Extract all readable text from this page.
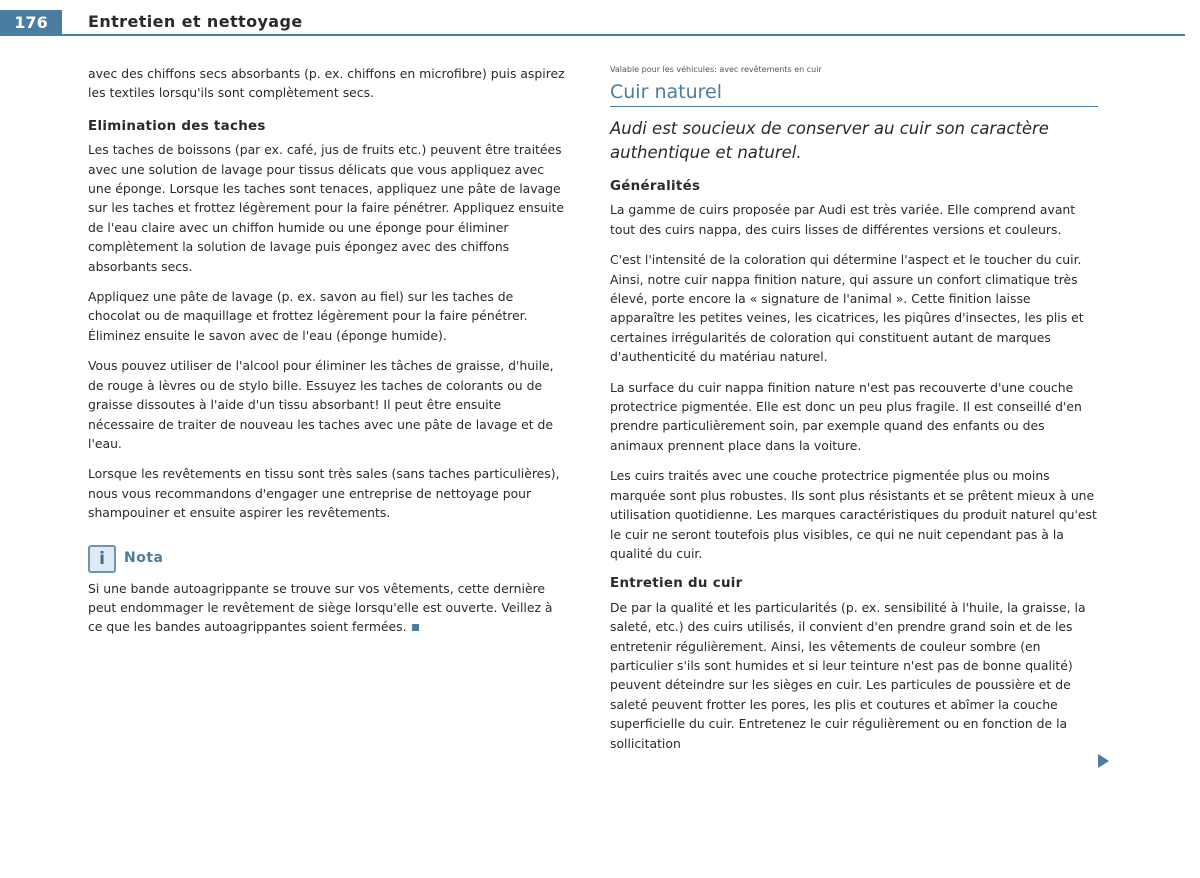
176	Entretien et nettoyage

avec des chiffons secs absorbants (p. ex. chiffons en microfibre) puis aspirez les textiles lorsqu'ils sont complètement secs.

Elimination des taches

Les taches de boissons (par ex. café, jus de fruits etc.) peuvent être traitées avec une solution de lavage pour tissus délicats que vous appliquez avec une éponge. Lorsque les taches sont tenaces, appliquez une pâte de lavage sur les taches et frottez légèrement pour la faire pénétrer. Appliquez ensuite de l'eau claire avec un chiffon humide ou une éponge pour éliminer complètement la solution de lavage puis épongez avec des chiffons absorbants secs.

Appliquez une pâte de lavage (p. ex. savon au fiel) sur les taches de chocolat ou de maquillage et frottez légèrement pour la faire pénétrer. Éliminez ensuite le savon avec de l'eau (éponge humide).

Vous pouvez utiliser de l'alcool pour éliminer les tâches de graisse, d'huile, de rouge à lèvres ou de stylo bille. Essuyez les taches de colorants ou de graisse dissoutes à l'aide d'un tissu absorbant! Il peut être ensuite nécessaire de traiter de nouveau les taches avec une pâte de lavage et de l'eau.

Lorsque les revêtements en tissu sont très sales (sans taches particulières), nous vous recommandons d'engager une entreprise de nettoyage pour shampouiner et ensuite aspirer les revêtements.

i	Nota

Si une bande autoagrippante se trouve sur vos vêtements, cette dernière peut endommager le revêtement de siège lorsqu'elle est ouverte. Veillez à ce que les bandes autoagrippantes soient fermées.

Valable pour les véhicules: avec revêtements en cuir
Cuir naturel
Audi est soucieux de conserver au cuir son caractère authentique et naturel.
Généralités

La gamme de cuirs proposée par Audi est très variée. Elle comprend avant tout des cuirs nappa, des cuirs lisses de différentes versions et couleurs.

C'est l'intensité de la coloration qui détermine l'aspect et le toucher du cuir. Ainsi, notre cuir nappa finition nature, qui assure un confort climatique très élevé, porte encore la « signature de l'animal ». Cette finition laisse apparaître les petites veines, les cicatrices, les piqûres d'insectes, les plis et certaines irrégularités de coloration qui constituent autant de marques d'authenticité du matériau naturel.

La surface du cuir nappa finition nature n'est pas recouverte d'une couche protectrice pigmentée. Elle est donc un peu plus fragile. Il est conseillé d'en prendre particulièrement soin, par exemple quand des enfants ou des animaux prennent place dans la voiture.

Les cuirs traités avec une couche protectrice pigmentée plus ou moins marquée sont plus robustes. Ils sont plus résistants et se prêtent mieux à une utilisation quotidienne. Les marques caractéristiques du produit naturel qu'est le cuir ne seront toutefois plus visibles, ce qui ne nuit cependant pas à la qualité du cuir.

Entretien du cuir

De par la qualité et les particularités (p. ex. sensibilité à l'huile, la graisse, la saleté, etc.) des cuirs utilisés, il convient d'en prendre grand soin et de les entretenir régulièrement. Ainsi, les vêtements de couleur sombre (en particulier s'ils sont humides et si leur teinture n'est pas de bonne qualité) peuvent déteindre sur les sièges en cuir. Les particules de poussière et de saleté peuvent frotter les pores, les plis et coutures et abîmer la couche superficielle du cuir. Entretenez le cuir régulièrement ou en fonction de la sollicitation
